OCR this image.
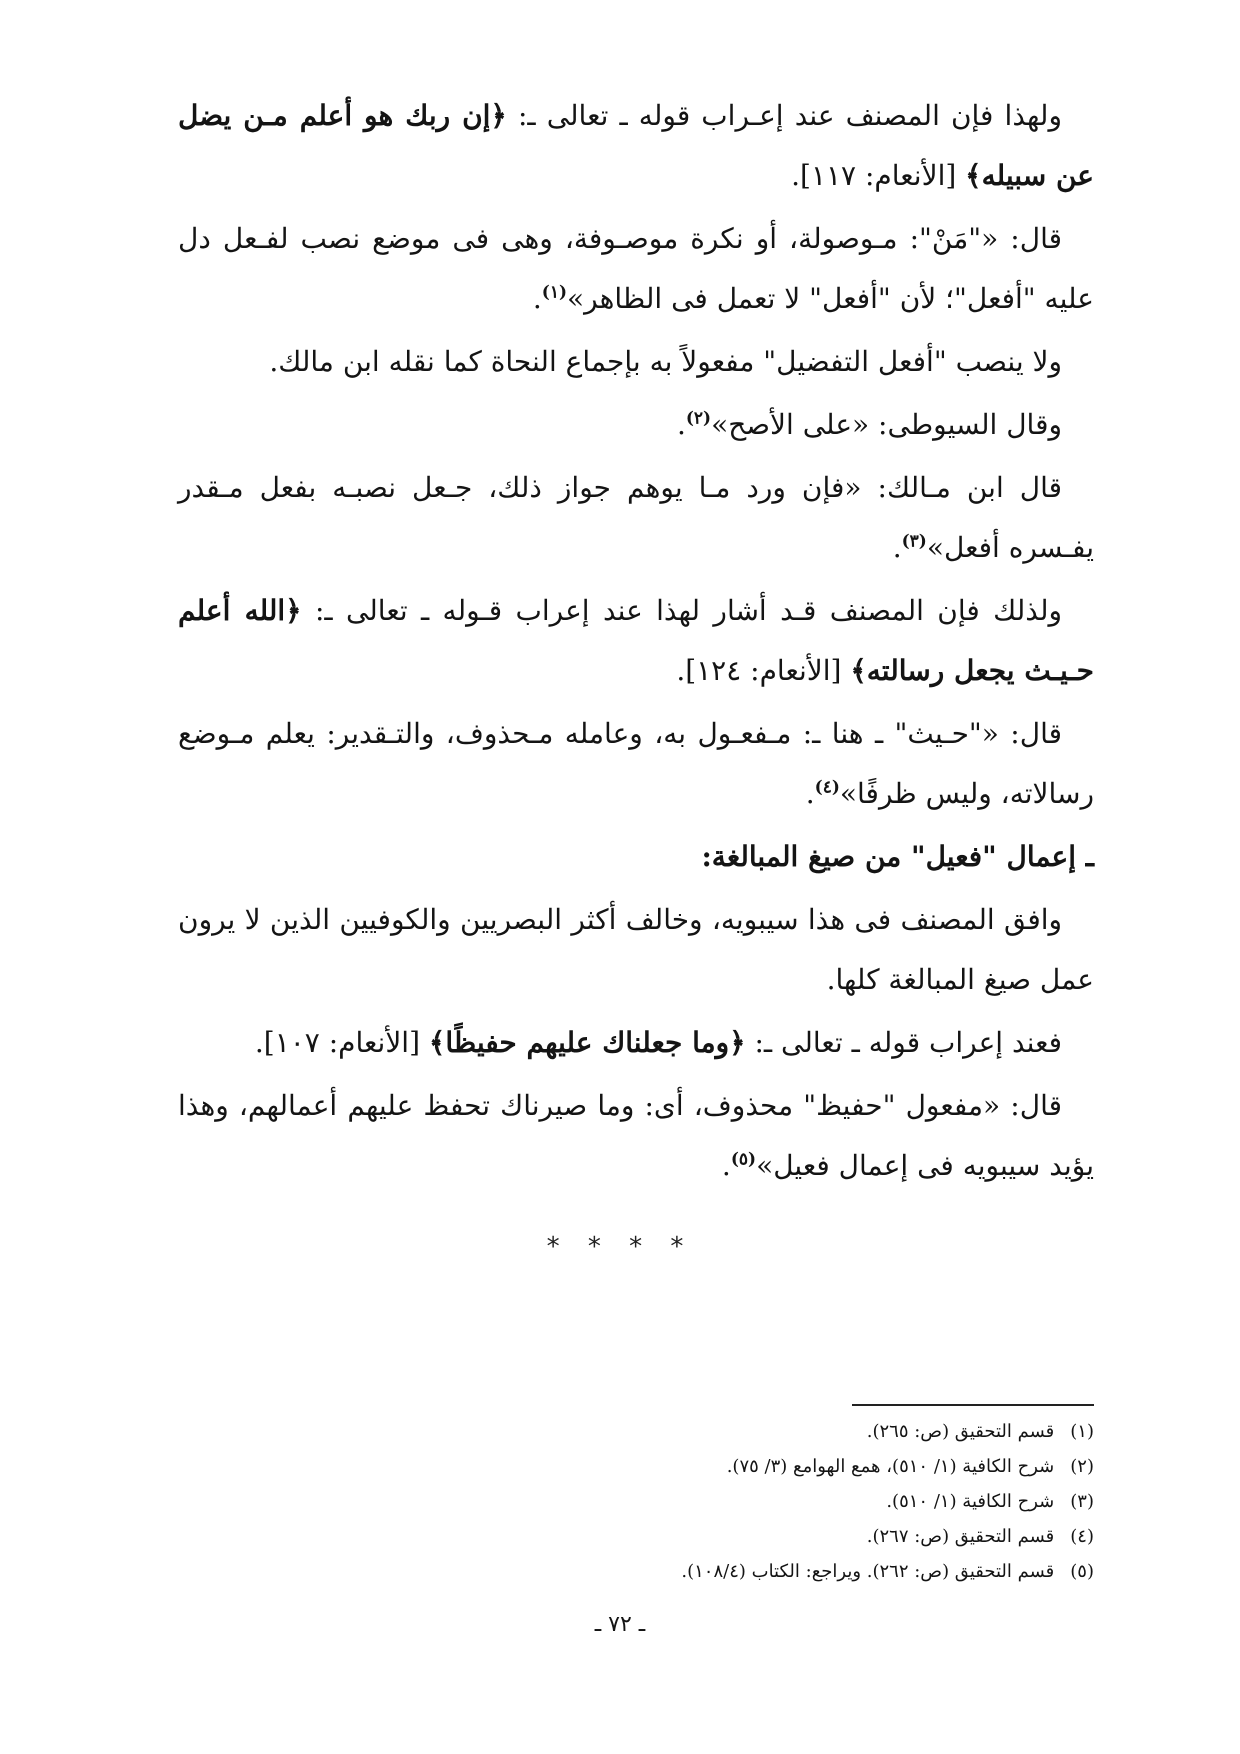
ولهذا فإن المصنف عند إعـراب قوله ـ تعالى ـ: ﴿إن ربك هو أعلم مـن يضل عن سبيله﴾ [الأنعام: ١١٧].

قال: «"مَنْ": مـوصولة، أو نكرة موصـوفة، وهى فى موضع نصب لفـعل دل عليه "أفعل"؛ لأن "أفعل" لا تعمل فى الظاهر»$^{(١)}$.

ولا ينصب "أفعل التفضيل" مفعولاً به بإجماع النحاة كما نقله ابن مالك.

وقال السيوطى: «على الأصح»$^{(٢)}$.

قال ابن مـالك: «فإن ورد مـا يوهم جواز ذلك، جـعل نصبـه بفعل مـقدر يفـسره أفعل»$^{(٣)}$.

ولذلك فإن المصنف قـد أشار لهذا عند إعراب قـوله ـ تعالى ـ: ﴿الله أعلم حـيـث يجعل رسالته﴾ [الأنعام: ١٢٤].

قال: «"حـيث" ـ هنا ـ: مـفعـول به، وعامله مـحذوف، والتـقدير: يعلم مـوضع رسالاته، وليس ظرفًا»$^{(٤)}$.

ـ إعمال "فعيل" من صيغ المبالغة:

وافق المصنف فى هذا سيبويه، وخالف أكثر البصريين والكوفيين الذين لا يرون عمل صيغ المبالغة كلها.

فعند إعراب قوله ـ تعالى ـ: ﴿وما جعلناك عليهم حفيظًا﴾ [الأنعام: ١٠٧].

قال: «مفعول "حفيظ" محذوف، أى: وما صيرناك تحفظ عليهم أعمالهم، وهذا يؤيد سيبويه فى إعمال فعيل»$^{(٥)}$.

* * * *

(١) قسم التحقيق (ص: ٢٦٥).

(٢) شرح الكافية (١/ ٥١٠)، همع الهوامع (٣/ ٧٥).

(٣) شرح الكافية (١/ ٥١٠).

(٤) قسم التحقيق (ص: ٢٦٧).

(٥) قسم التحقيق (ص: ٢٦٢). ويراجع: الكتاب (١٠٨/٤).

ـ ٧٢ ـ
